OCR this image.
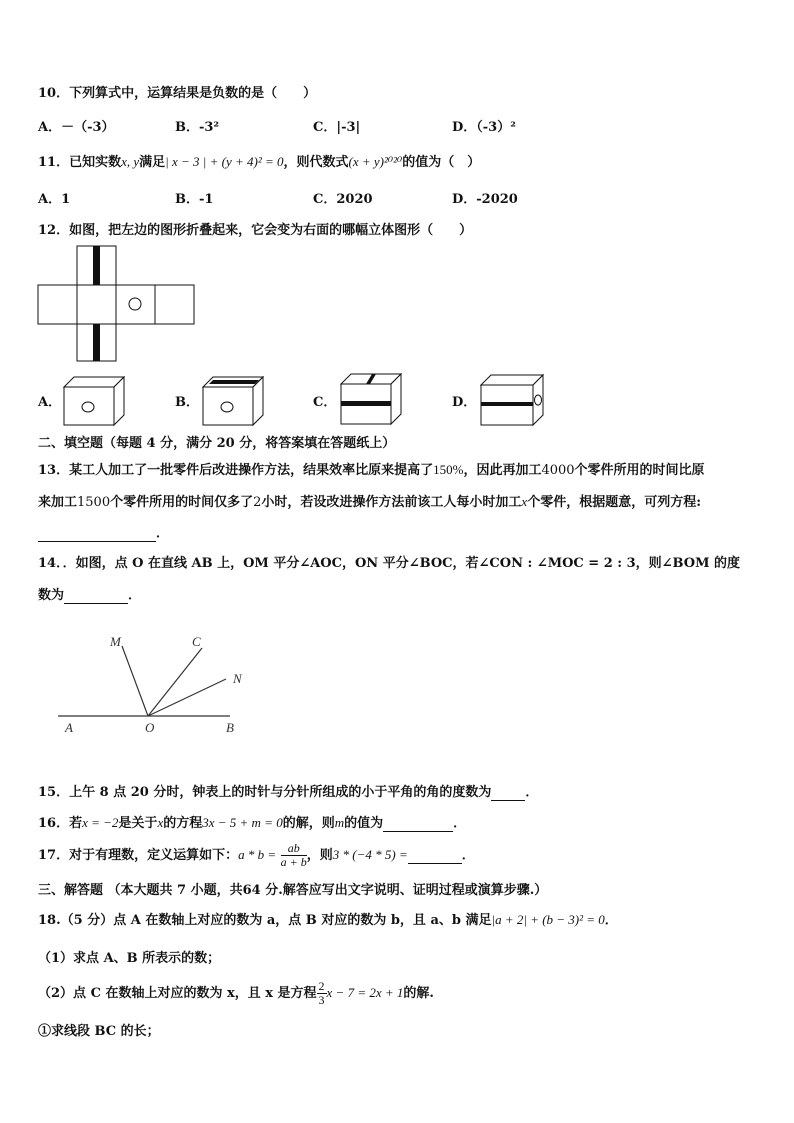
10．下列算式中，运算结果是负数的是（　　）
A．－（-3）	B．-3²	C．|-3|	D．（-3）²
11．已知实数x, y满足| x − 3 | + (y + 4)² = 0，则代数式(x + y)²⁰²⁰的值为（　）
A．1	B．-1	C．2020	D．-2020
12．如图，把左边的图形折叠起来，它会变为右面的哪幅立体图形（　　）
A．	B．	C．	D．
二、填空题（每题 4 分，满分 20 分，将答案填在答题纸上）
13．某工人加工了一批零件后改进操作方法，结果效率比原来提高了150%，因此再加工4000个零件所用的时间比原
来加工1500个零件所用的时间仅多了2小时，若设改进操作方法前该工人每小时加工x个零件，根据题意，可列方程:
．
14．．如图，点 O 在直线 AB 上，OM 平分∠AOC，ON 平分∠BOC，若∠CON : ∠MOC = 2 : 3，则∠BOM 的度
数为	．
M	C
N
A	O	B
15．上午 8 点 20 分时，钟表上的时针与分针所组成的小于平角的角的度数为	．
16．若x = −2是关于x的方程3x − 5 + m = 0的解，则m的值为	．
17．对于有理数，定义运算如下：$a * b = \frac{ab}{a + b}$ ，则3 * (−4 * 5) =	．
三、解答题 （本大题共 7 小题，共64 分.解答应写出文字说明、证明过程或演算步骤.）
18.（5 分）点 A 在数轴上对应的数为 a，点 B 对应的数为 b，且 a、b 满足|a + 2| + (b − 3)² = 0．
（1）求点 A、B 所表示的数；
（2）点 C 在数轴上对应的数为 x，且 x 是方程 $\frac{2}{3}$ x − 7 = 2x + 1的解.
①求线段 BC 的长；
